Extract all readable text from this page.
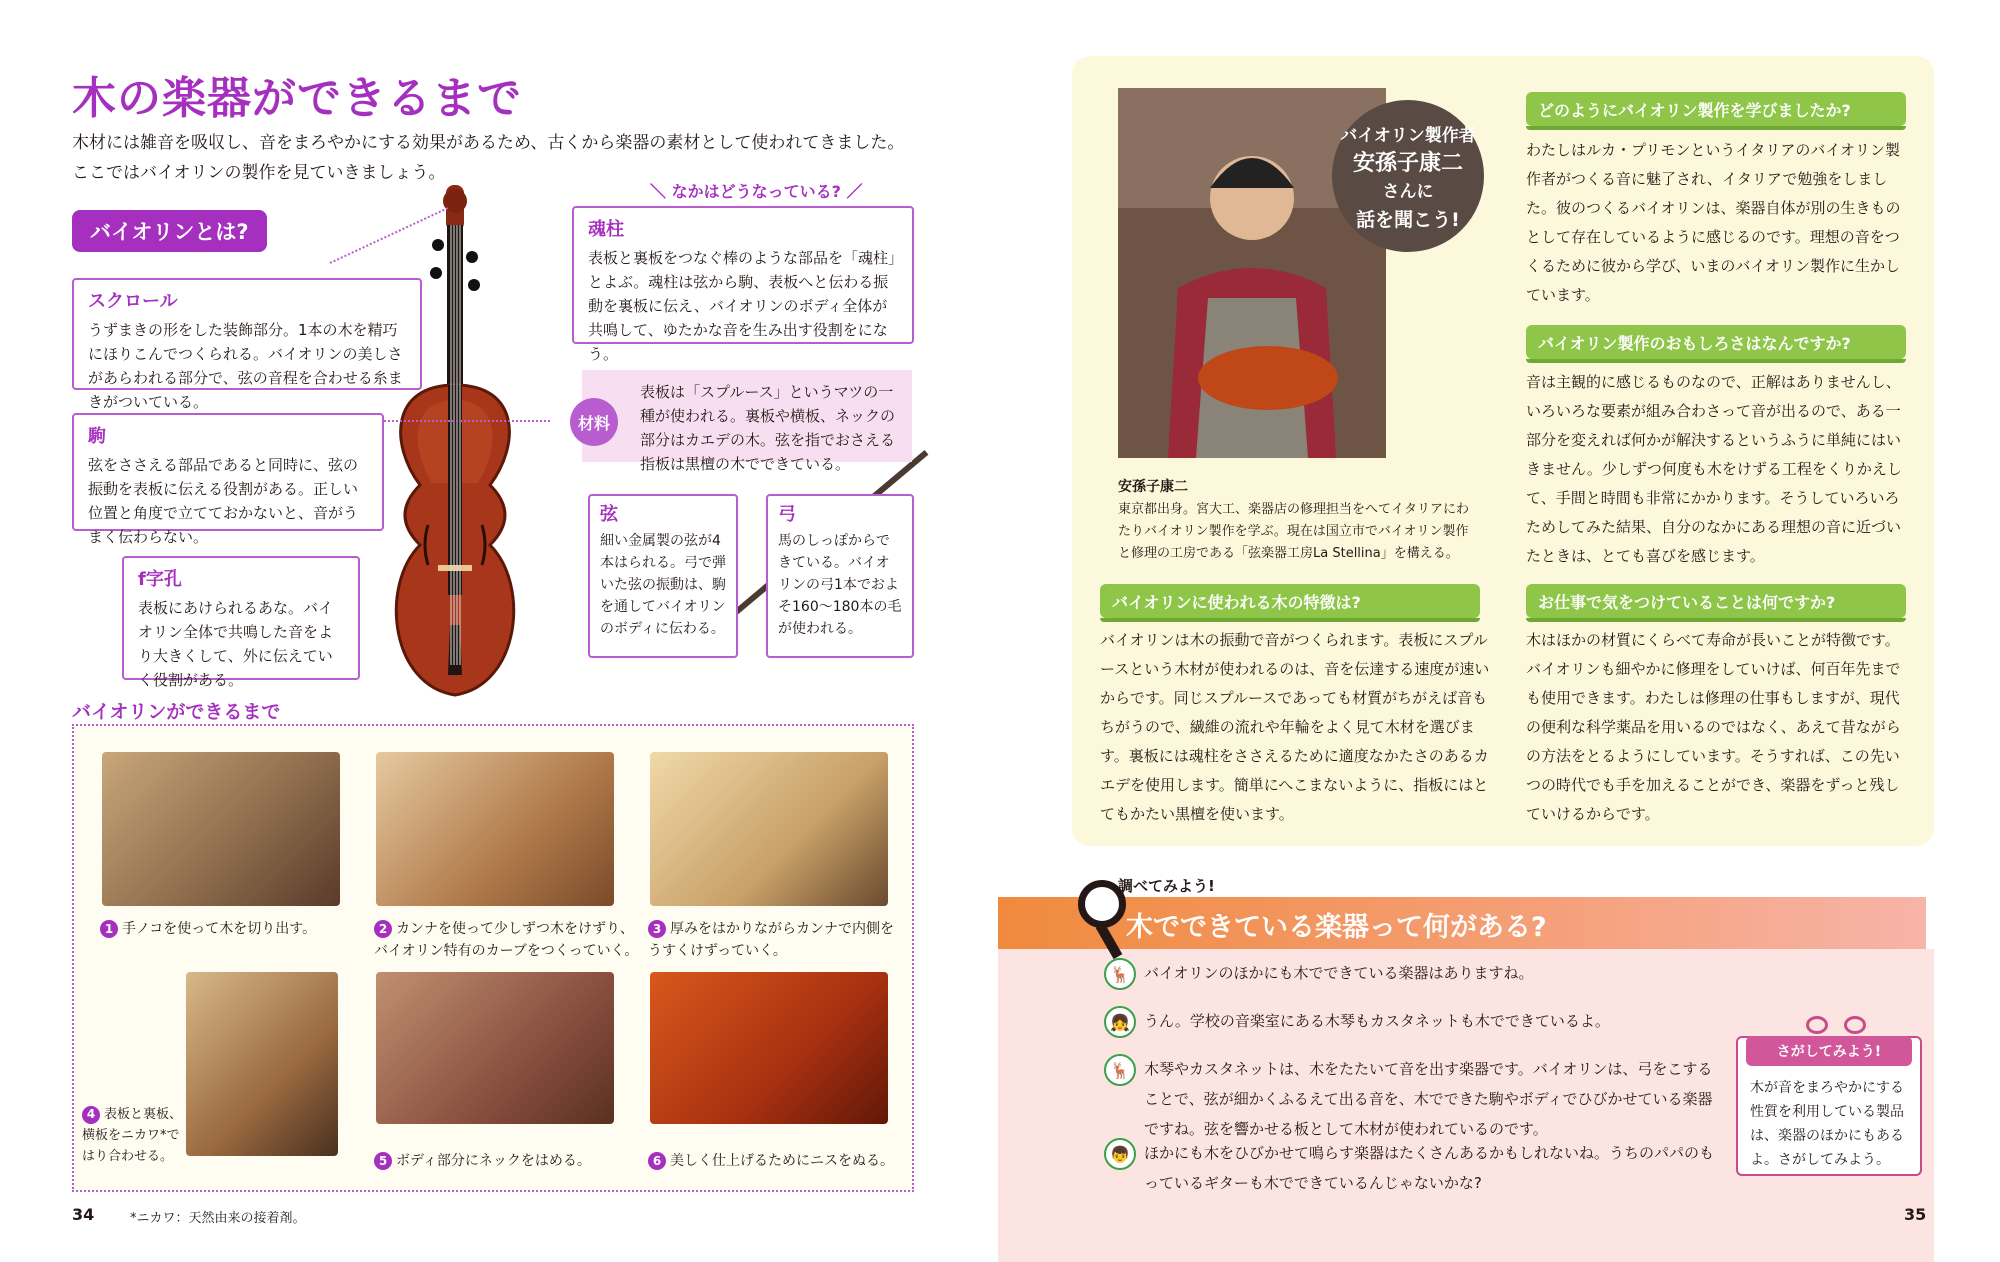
木の楽器ができるまで
木材には雑音を吸収し、音をまろやかにする効果があるため、古くから楽器の素材として使われてきました。
ここではバイオリンの製作を見ていきましょう。
バイオリンとは?
＼ なかはどうなっている? ／
スクロール
うずまきの形をした装飾部分。1本の木を精巧にほりこんでつくられる。バイオリンの美しさがあらわれる部分で、弦の音程を合わせる糸まきがついている。
駒
弦をささえる部品であると同時に、弦の振動を表板に伝える役割がある。正しい位置と角度で立てておかないと、音がうまく伝わらない。
f字孔
表板にあけられるあな。バイオリン全体で共鳴した音をより大きくして、外に伝えていく役割がある。
魂柱
表板と裏板をつなぐ棒のような部品を「魂柱」とよぶ。魂柱は弦から駒、表板へと伝わる振動を裏板に伝え、バイオリンのボディ全体が共鳴して、ゆたかな音を生み出す役割をになう。
表板は「スプルース」というマツの一種が使われる。裏板や横板、ネックの部分はカエデの木。弦を指でおさえる指板は黒檀の木でできている。
材料
弦
細い金属製の弦が4本はられる。弓で弾いた弦の振動は、駒を通してバイオリンのボディに伝わる。
弓
馬のしっぽからできている。バイオリンの弓1本でおよそ160～180本の毛が使われる。
バイオリンができるまで
1 手ノコを使って木を切り出す。	2 カンナを使って少しずつ木をけずり、バイオリン特有のカーブをつくっていく。
3 厚みをはかりながらカンナで内側をうすくけずっていく。
4 表板と裏板、横板をニカワ*ではり合わせる。	5 ボディ部分にネックをはめる。	6 美しく仕上げるためにニスをぬる。
34	*ニカワ：天然由来の接着剤。
バイオリン製作者
安孫子康二
さんに
話を聞こう!
安孫子康二
東京都出身。宮大工、楽器店の修理担当をへてイタリアにわたりバイオリン製作を学ぶ。現在は国立市でバイオリン製作と修理の工房である「弦楽器工房La Stellina」を構える。
どのようにバイオリン製作を学びましたか?
わたしはルカ・プリモンというイタリアのバイオリン製作者がつくる音に魅了され、イタリアで勉強をしました。彼のつくるバイオリンは、楽器自体が別の生きものとして存在しているように感じるのです。理想の音をつくるために彼から学び、いまのバイオリン製作に生かしています。
バイオリン製作のおもしろさはなんですか?
音は主観的に感じるものなので、正解はありませんし、いろいろな要素が組み合わさって音が出るので、ある一部分を変えれば何かが解決するというふうに単純にはいきません。少しずつ何度も木をけずる工程をくりかえして、手間と時間も非常にかかります。そうしていろいろためしてみた結果、自分のなかにある理想の音に近づいたときは、とても喜びを感じます。
バイオリンに使われる木の特徴は?
バイオリンは木の振動で音がつくられます。表板にスプルースという木材が使われるのは、音を伝達する速度が速いからです。同じスプルースであっても材質がちがえば音もちがうので、繊維の流れや年輪をよく見て木材を選びます。裏板には魂柱をささえるために適度なかたさのあるカエデを使用します。簡単にへこまないように、指板にはとてもかたい黒檀を使います。
お仕事で気をつけていることは何ですか?
木はほかの材質にくらべて寿命が長いことが特徴です。バイオリンも細やかに修理をしていけば、何百年先までも使用できます。わたしは修理の仕事もしますが、現代の便利な科学薬品を用いるのではなく、あえて昔ながらの方法をとるようにしています。そうすれば、この先いつの時代でも手を加えることができ、楽器をずっと残していけるからです。
木でできている楽器って何がある?
調べてみよう!
🦌 バイオリンのほかにも木でできている楽器はありますね。
👧 うん。学校の音楽室にある木琴もカスタネットも木でできているよ。
🦌 木琴やカスタネットは、木をたたいて音を出す楽器です。バイオリンは、弓をこすることで、弦が細かくふるえて出る音を、木でできた駒やボディでひびかせている楽器ですね。弦を響かせる板として木材が使われているのです。
👦 ほかにも木をひびかせて鳴らす楽器はたくさんあるかもしれないね。うちのパパのもっているギターも木でできているんじゃないかな?
木が音をまろやかにする性質を利用している製品は、楽器のほかにもあるよ。さがしてみよう。
さがしてみよう!
35
